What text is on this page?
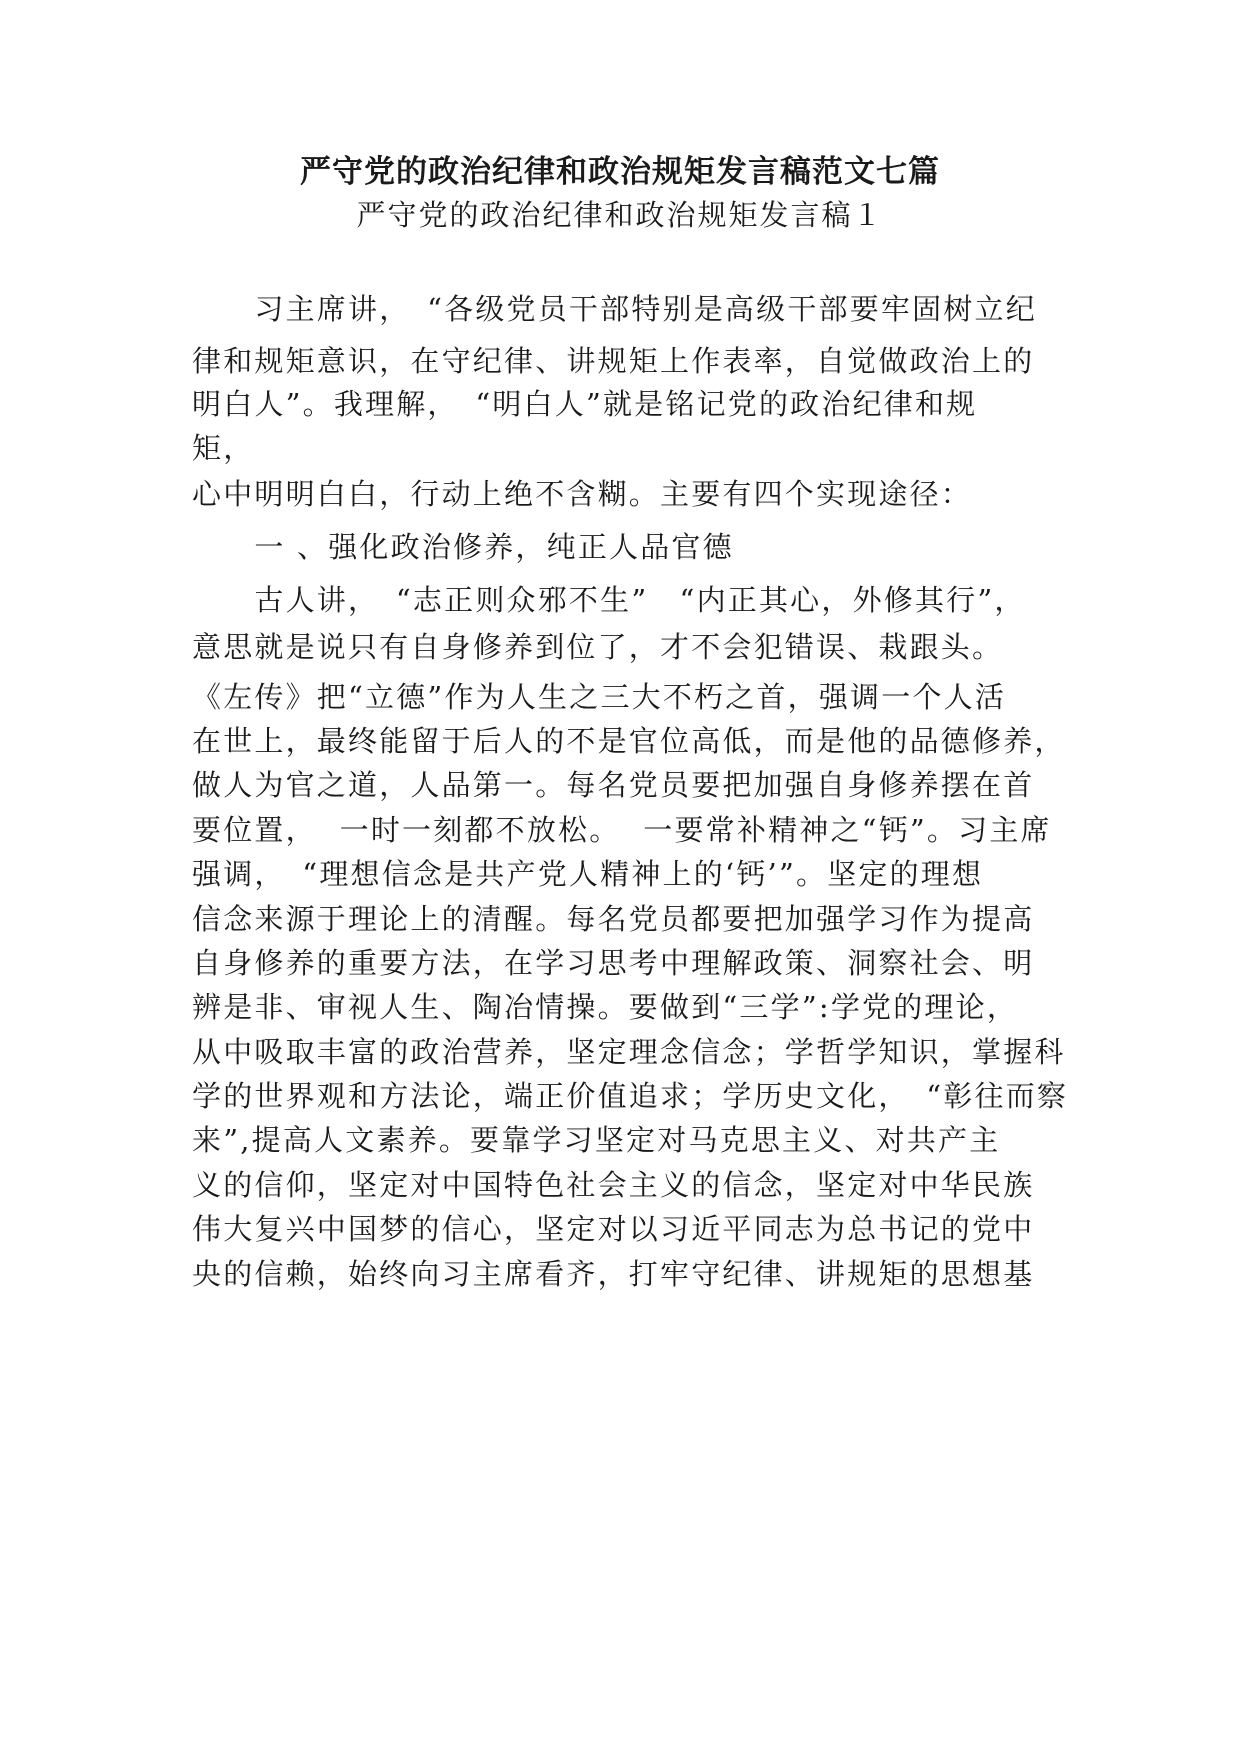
严守党的政治纪律和政治规矩发言稿范文七篇
严守党的政治纪律和政治规矩发言稿１
　　习主席讲，　“各级党员干部特别是高级干部要牢固树立纪
律和规矩意识，在守纪律、讲规矩上作表率，自觉做政治上的
明白人”。我理解，　“明白人”就是铭记党的政治纪律和规
矩，
心中明明白白，行动上绝不含糊。主要有四个实现途径：
　　一 、强化政治修养，纯正人品官德
　　古人讲，　“志正则众邪不生”　“内正其心，外修其行”，
意思就是说只有自身修养到位了，才不会犯错误、栽跟头。
《左传》把“立德”作为人生之三大不朽之首，强调一个人活
在世上，最终能留于后人的不是官位高低，而是他的品德修养，
做人为官之道，人品第一。每名党员要把加强自身修养摆在首
要位置，  一时一刻都不放松。  一要常补精神之“钙”。习主席
强调，　“理想信念是共产党人精神上的‘钙’”。坚定的理想
信念来源于理论上的清醒。每名党员都要把加强学习作为提高
自身修养的重要方法，在学习思考中理解政策、洞察社会、明
辨是非、审视人生、陶冶情操。要做到“三学”:学党的理论，
从中吸取丰富的政治营养，坚定理念信念；学哲学知识，掌握科
学的世界观和方法论，端正价值追求；学历史文化，　“彰往而察
来”,提高人文素养。要靠学习坚定对马克思主义、对共产主
义的信仰，坚定对中国特色社会主义的信念，坚定对中华民族
伟大复兴中国梦的信心，坚定对以习近平同志为总书记的党中
央的信赖，始终向习主席看齐，打牢守纪律、讲规矩的思想基
